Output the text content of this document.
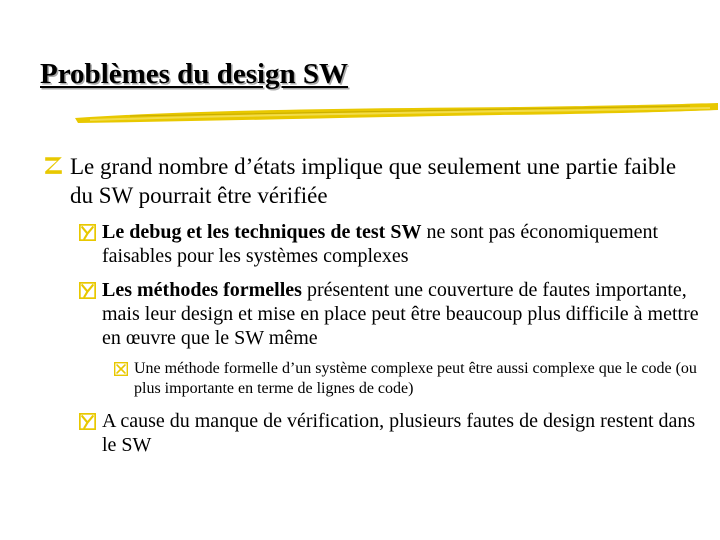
Problèmes du design SW
Le grand nombre d’états implique que seulement une partie faible du SW pourrait être vérifiée
Le debug et les techniques de test SW ne sont pas économiquement faisables pour les systèmes complexes
Les méthodes formelles présentent une couverture de fautes importante, mais leur design et mise en place peut être beaucoup plus difficile à mettre en œuvre que le SW même
Une méthode formelle d’un système complexe peut être aussi complexe que le code (ou plus importante en terme de lignes de code)
A cause du manque de vérification, plusieurs fautes de design restent dans le SW
